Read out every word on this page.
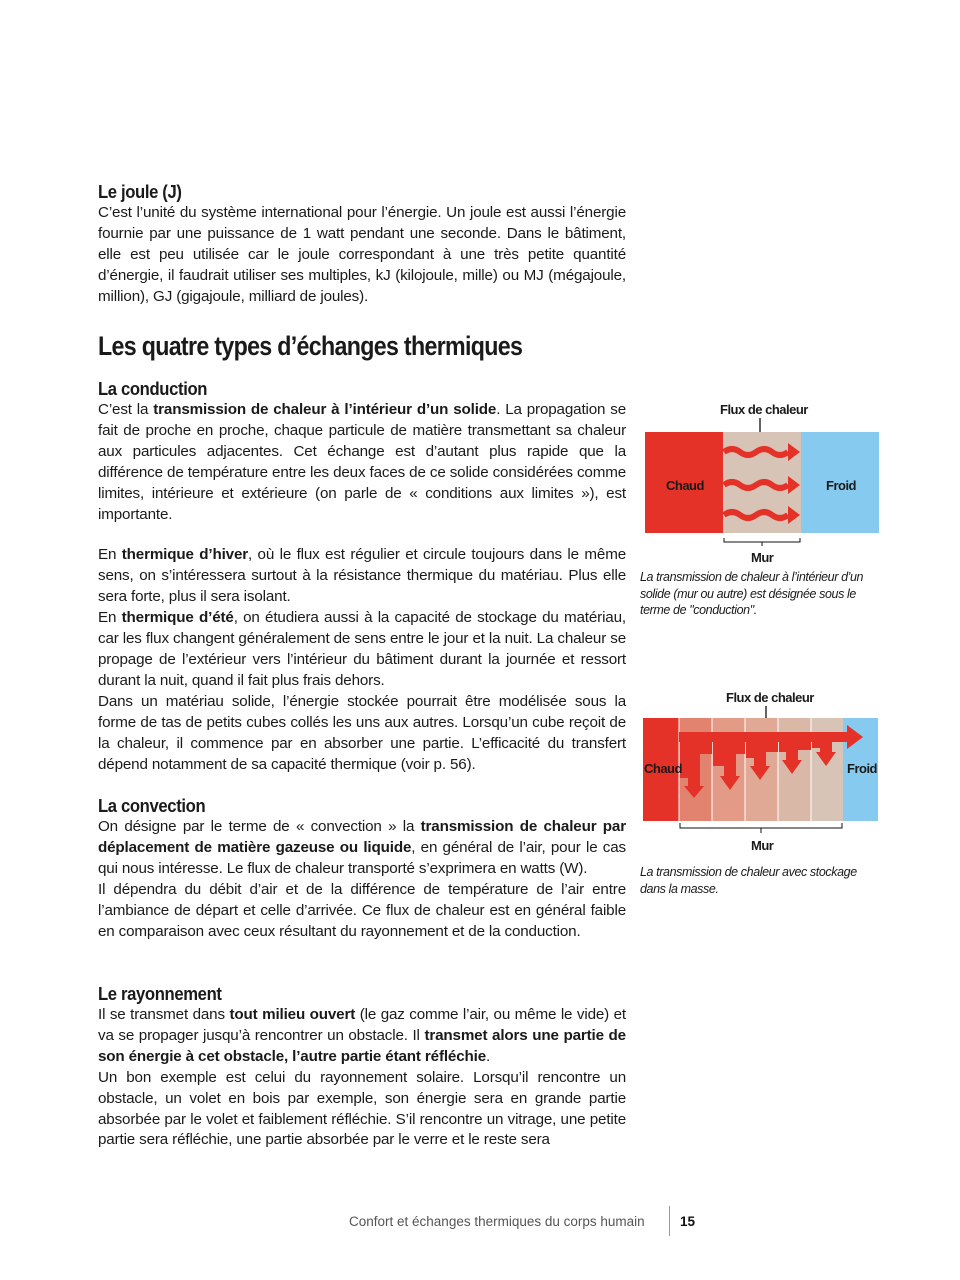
Le joule (J)

C’est l’unité du système international pour l’énergie. Un joule est aussi l’énergie fournie par une puissance de 1 watt pendant une seconde. Dans le bâtiment, elle est peu utilisée car le joule correspondant à une très petite quantité d’énergie, il faudrait utiliser ses multiples, kJ (kilojoule, mille) ou MJ (mégajoule, million), GJ (gigajoule, milliard de joules).

Les quatre types d’échanges thermiques
La conduction

C’est la transmission de chaleur à l’intérieur d’un solide. La propagation se fait de proche en proche, chaque particule de matière transmettant sa chaleur aux particules adjacentes. Cet échange est d’autant plus rapide que la différence de température entre les deux faces de ce solide considérées comme limites, intérieure et extérieure (on parle de « conditions aux limites »), est importante.

En thermique d’hiver, où le flux est régulier et circule toujours dans le même sens, on s’intéressera surtout à la résistance thermique du matériau. Plus elle sera forte, plus il sera isolant.

En thermique d’été, on étudiera aussi à la capacité de stockage du matériau, car les flux changent généralement de sens entre le jour et la nuit. La chaleur se propage de l’extérieur vers l’intérieur du bâtiment durant la journée et ressort durant la nuit, quand il fait plus frais dehors.

Dans un matériau solide, l’énergie stockée pourrait être modélisée sous la forme de tas de petits cubes collés les uns aux autres. Lorsqu’un cube reçoit de la chaleur, il commence par en absorber une partie. L’efficacité du transfert dépend notamment de sa capacité thermique (voir p. 56).

La convection

On désigne par le terme de « convection » la transmission de chaleur par déplacement de matière gazeuse ou liquide, en général de l’air, pour le cas qui nous intéresse. Le flux de chaleur transporté s’exprimera en watts (W).

Il dépendra du débit d’air et de la différence de température de l’air entre l’ambiance de départ et celle d’arrivée. Ce flux de chaleur est en général faible en comparaison avec ceux résultant du rayonnement et de la conduction.

Le rayonnement

Il se transmet dans tout milieu ouvert (le gaz comme l’air, ou même le vide) et va se propager jusqu’à rencontrer un obstacle. Il transmet alors une partie de son énergie à cet obstacle, l’autre partie étant réfléchie.

Un bon exemple est celui du rayonnement solaire. Lorsqu’il rencontre un obstacle, un volet en bois par exemple, son énergie sera en grande partie absorbée par le volet et faiblement réfléchie. S’il rencontre un vitrage, une petite partie sera réfléchie, une partie absorbée par le verre et le reste sera

Flux de chaleur
Chaud	Froid
Mur
La transmission de chaleur à l’intérieur d’un solide (mur ou autre) est désignée sous le terme de "conduction".
Flux de chaleur
Chaud	Froid
Mur
La transmission de chaleur avec stockage dans la masse.
Confort et échanges thermiques du corps humain	15
